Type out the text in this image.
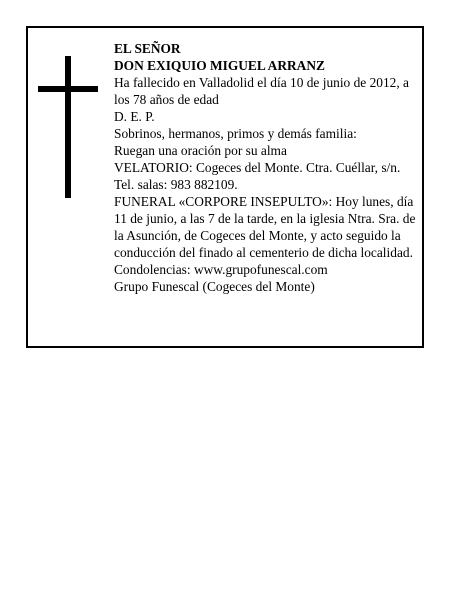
EL SEÑOR

DON EXIQUIO MIGUEL ARRANZ

Ha fallecido en Valladolid el día 10 de junio de 2012, a los 78 años de edad

D. E. P.

Sobrinos, hermanos, primos y demás familia:

Ruegan una oración por su alma

VELATORIO: Cogeces del Monte. Ctra. Cuéllar, s/n. Tel. salas: 983 882109.

FUNERAL «CORPORE INSEPULTO»: Hoy lunes, día 11 de junio, a las 7 de la tarde, en la iglesia Ntra. Sra. de la Asunción, de Cogeces del Monte, y acto seguido la conducción del finado al cementerio de dicha localidad. Condolencias: www.grupofunescal.com

Grupo Funescal (Cogeces del Monte)
